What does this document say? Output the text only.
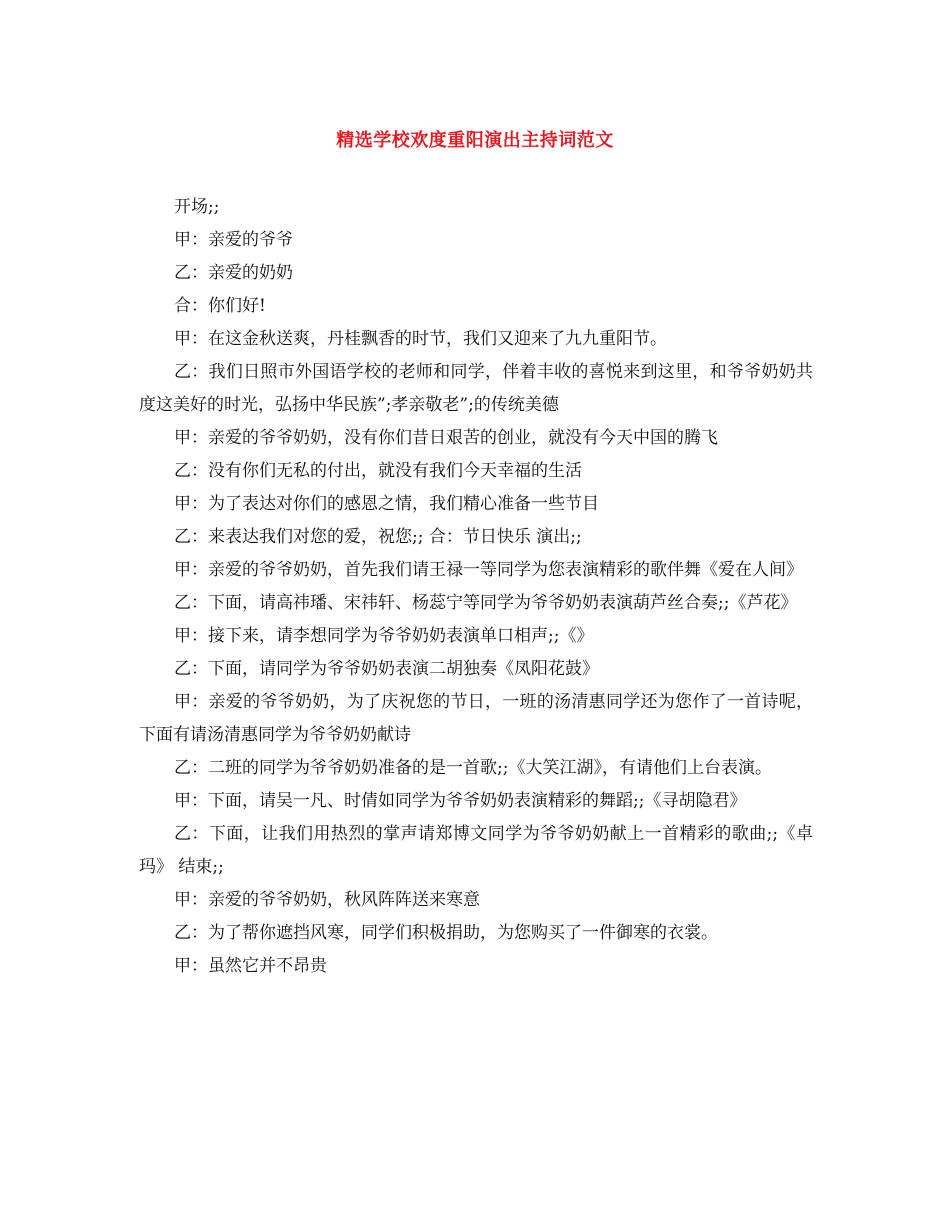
精选学校欢度重阳演出主持词范文

开场;;

甲：亲爱的爷爷

乙：亲爱的奶奶

合：你们好!

甲：在这金秋送爽，丹桂飘香的时节，我们又迎来了九九重阳节。

乙：我们日照市外国语学校的老师和同学，伴着丰收的喜悦来到这里，和爷爷奶奶共度这美好的时光，弘扬中华民族”;孝亲敬老”;的传统美德

甲：亲爱的爷爷奶奶，没有你们昔日艰苦的创业，就没有今天中国的腾飞

乙：没有你们无私的付出，就没有我们今天幸福的生活

甲：为了表达对你们的感恩之情，我们精心准备一些节目

乙：来表达我们对您的爱，祝您;; 合：节日快乐 演出;;

甲：亲爱的爷爷奶奶，首先我们请王禄一等同学为您表演精彩的歌伴舞《爱在人间》

乙：下面，请高祎璠、宋祎轩、杨蕊宁等同学为爷爷奶奶表演葫芦丝合奏;;《芦花》

甲：接下来，请李想同学为爷爷奶奶表演单口相声;;《》

乙：下面，请同学为爷爷奶奶表演二胡独奏《凤阳花鼓》

甲：亲爱的爷爷奶奶，为了庆祝您的节日，一班的汤清惠同学还为您作了一首诗呢，下面有请汤清惠同学为爷爷奶奶献诗

乙：二班的同学为爷爷奶奶准备的是一首歌;;《大笑江湖》，有请他们上台表演。

甲：下面，请吴一凡、时倩如同学为爷爷奶奶表演精彩的舞蹈;;《寻胡隐君》

乙：下面，让我们用热烈的掌声请郑博文同学为爷爷奶奶献上一首精彩的歌曲;;《卓玛》 结束;;

甲：亲爱的爷爷奶奶，秋风阵阵送来寒意

乙：为了帮你遮挡风寒，同学们积极捐助，为您购买了一件御寒的衣裳。

甲：虽然它并不昂贵
